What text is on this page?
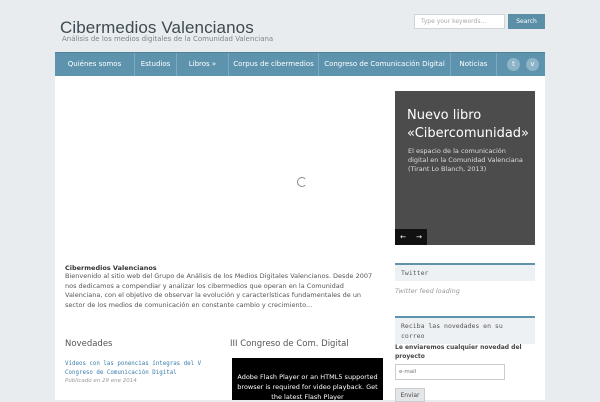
Cibermedios Valencianos
Análisis de los medios digitales de la Comunidad Valenciana
Type your keywords...	Search
Quiénes somos	Estudios	Libros »	Corpus de cibermedios	Congreso de Comunicación Digital	Noticias	t	v
Nuevo libro «Cibercomunidad»
El espacio de la comunicación digital en la Comunidad Valenciana (Tirant Lo Blanch, 2013)
←	→
Cibermedios Valencianos
Bienvenido al sitio web del Grupo de Análisis de los Medios Digitales Valencianos. Desde 2007 nos dedicamos a compendiar y analizar los cibermedios que operan en la Comunidad Valenciana, con el objetivo de observar la evolución y características fundamentales de un sector de los medios de comunicación en constante cambio y crecimiento...
Novedades
Vídeos con las ponencias íntegras del V Congreso de Comunicación Digital
Publicado en 29 ene 2014
III Congreso de Com. Digital
Adobe Flash Player or an HTML5 supported browser is required for video playback. Get the latest Flash Player
Twitter
Twitter feed loading
Reciba las novedades en su correo
Le enviaremos cualquier novedad del proyecto
e-mail
Enviar
